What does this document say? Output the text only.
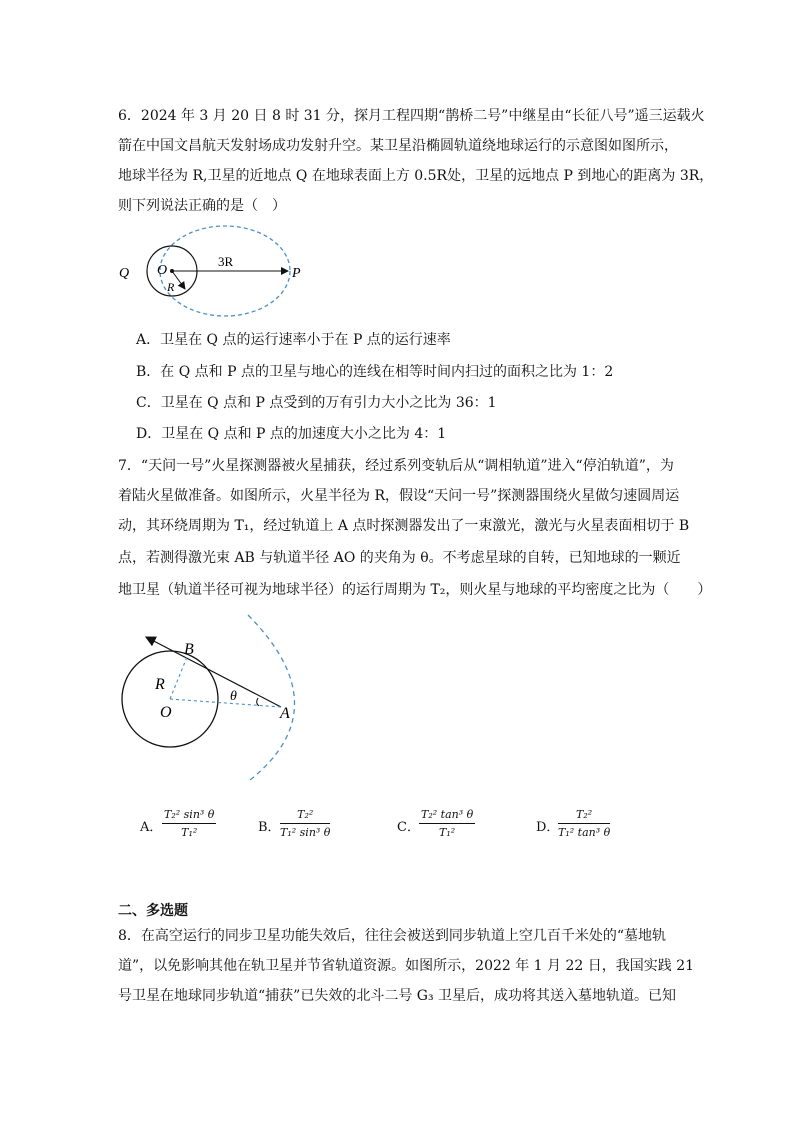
6．2024 年 3 月 20 日 8 时 31 分，探月工程四期“鹊桥二号”中继星由“长征八号”遥三运载火
箭在中国文昌航天发射场成功发射升空。某卫星沿椭圆轨道绕地球运行的示意图如图所示，
地球半径为 R,卫星的近地点 Q 在地球表面上方 0.5R处，卫星的远地点 P 到地心的距离为 3R，
则下列说法正确的是（　）
Q O
3R
P
R
A．卫星在 Q 点的运行速率小于在 P 点的运行速率
B．在 Q 点和 P 点的卫星与地心的连线在相等时间内扫过的面积之比为 1：2
C．卫星在 Q 点和 P 点受到的万有引力大小之比为 36：1
D．卫星在 Q 点和 P 点的加速度大小之比为 4：1
7．“天问一号”火星探测器被火星捕获，经过系列变轨后从“调相轨道”进入“停泊轨道”，为
着陆火星做准备。如图所示，火星半径为 R，假设“天问一号”探测器围绕火星做匀速圆周运
动，其环绕周期为 T₁，经过轨道上 A 点时探测器发出了一束激光，激光与火星表面相切于 B
点，若测得激光束 AB 与轨道半径 AO 的夹角为 θ。不考虑星球的自转，已知地球的一颗近
地卫星（轨道半径可视为地球半径）的运行周期为 T₂，则火星与地球的平均密度之比为（　　）
B
R
O
θ
A
A． $\frac{\text{T₂² sin³ θ}}{\text{T₁²}}$	B． $\frac{\text{T₂²}}{\text{T₁² sin³ θ}}$	C． $\frac{\text{T₂² tan³ θ}}{\text{T₁²}}$	D．
$\frac{\text{T₂²}}{\text{T₁² tan³ θ}}$
二、多选题
8．在高空运行的同步卫星功能失效后，往往会被送到同步轨道上空几百千米处的“墓地轨
道”，以免影响其他在轨卫星并节省轨道资源。如图所示，2022 年 1 月 22 日，我国实践 21
号卫星在地球同步轨道“捕获”已失效的北斗二号 G₃ 卫星后，成功将其送入墓地轨道。已知
